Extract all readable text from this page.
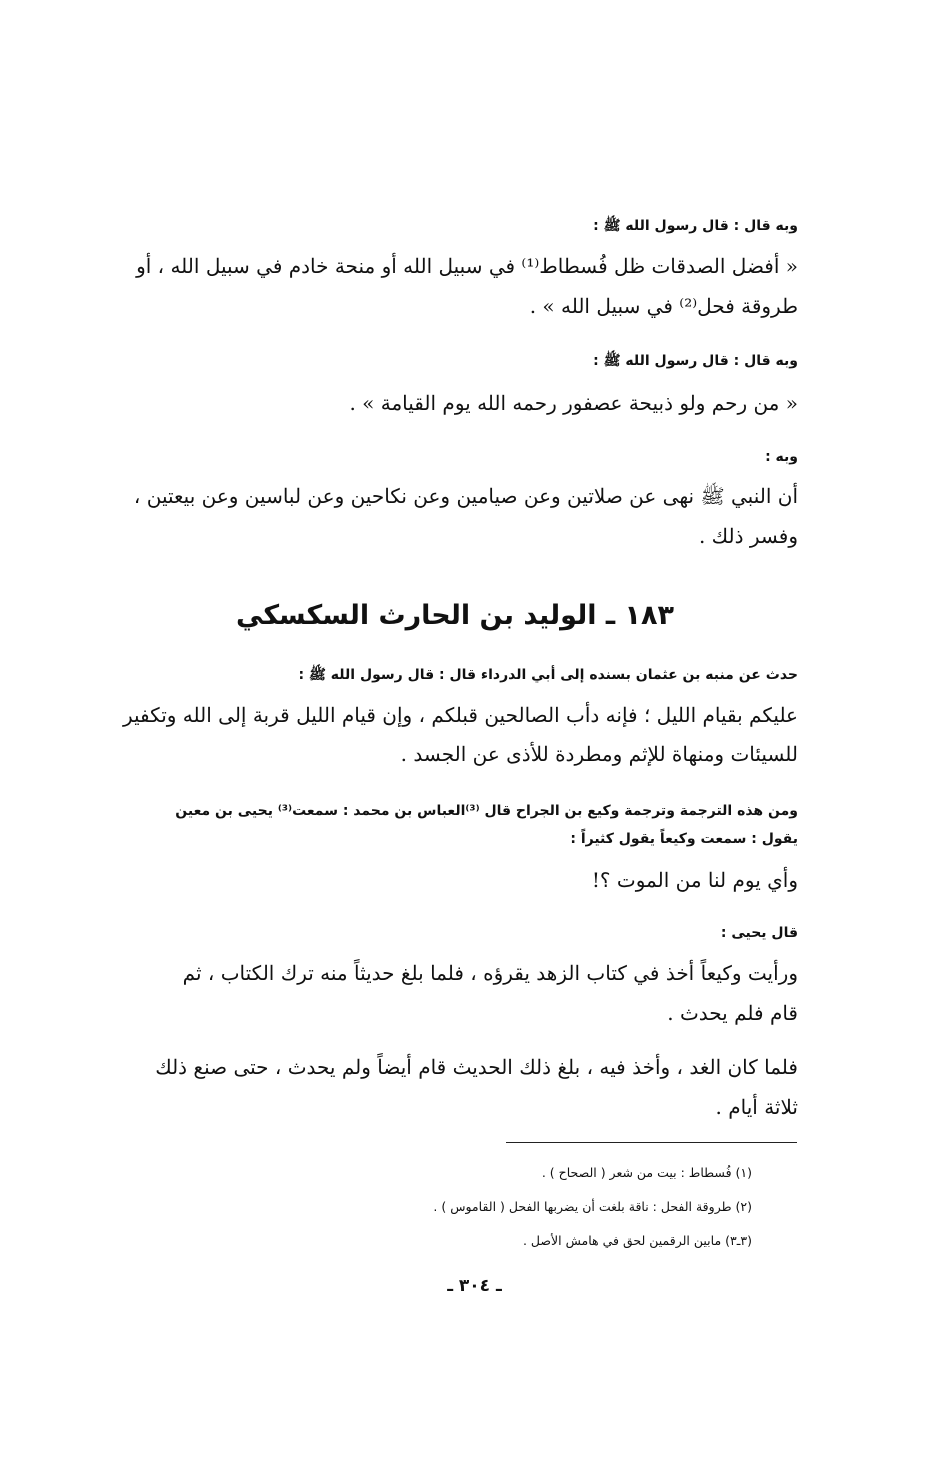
وبه قال : قال رسول الله ﷺ :
« أفضل الصدقات ظل فُسطاط⁽¹⁾ في سبيل الله أو منحة خادم في سبيل الله ، أو
طروقة فحل⁽²⁾ في سبيل الله » .
وبه قال : قال رسول الله ﷺ :
« من رحم ولو ذبيحة عصفور رحمه الله يوم القيامة » .
وبه :
أن النبي ﷺ نهى عن صلاتين وعن صيامين وعن نكاحين وعن لباسين وعن بيعتين ،
وفسر ذلك .
١٨٣ ـ الوليد بن الحارث السكسكي
حدث عن منبه بن عثمان بسنده إلى أبي الدرداء قال : قال رسول الله ﷺ :
عليكم بقيام الليل ؛ فإنه دأب الصالحين قبلكم ، وإن قيام الليل قربة إلى الله وتكفير
للسيئات ومنهاة للإثم ومطردة للأذى عن الجسد .
ومن هذه الترجمة وترجمة وكيع بن الجراح قال ⁽³⁾العباس بن محمد : سمعت⁽³⁾ يحيى بن معين
يقول : سمعت وكيعاً يقول كثيراً :
وأي يوم لنا من الموت ؟!
قال يحيى :
ورأيت وكيعاً أخذ في كتاب الزهد يقرؤه ، فلما بلغ حديثاً منه ترك الكتاب ، ثم
قام فلم يحدث .
فلما كان الغد ، وأخذ فيه ، بلغ ذلك الحديث قام أيضاً ولم يحدث ، حتى صنع ذلك
ثلاثة أيام .
(١) فُسطاط : بيت من شعر ( الصحاح ) .
(٢) طروقة الفحل : ناقة بلغت أن يضربها الفحل ( القاموس ) .
(٣ـ٣) مابين الرقمين لحق في هامش الأصل .
ـ ٣٠٤ ـ
